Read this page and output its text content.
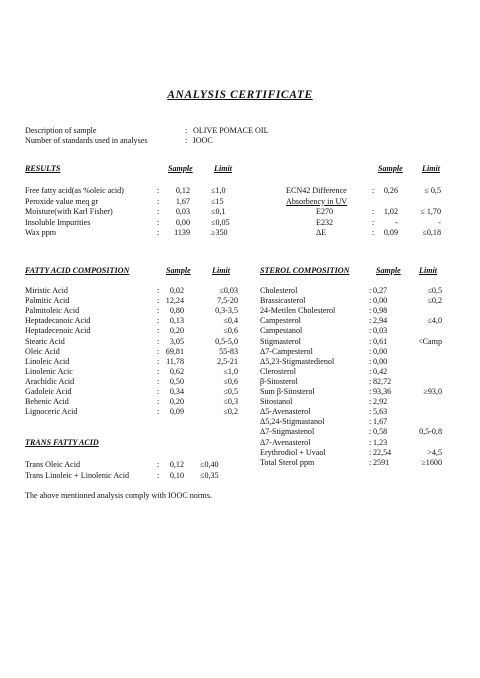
ANALYSIS CERTIFICATE
Description of sample	: OLIVE POMACE OIL
Number of standards used in analyses	: IOOC
RESULTS	Sample	Limit
Free fatty acid(as %oleic acid)	:	0,12	≤1,0
Peroxide value meq gr	:	1,67	≤15
Moisture(with Karl Fisher)	:	0,03	≤0,1
Insoluble Impurities	:	0,00	≤0,05
Wax ppm	:	1139	≥350
Sample Limit
ECN42 Difference	:	0,26	≤ 0,5
Absorbency in UV
E270	:	1,02	≤ 1,70
E232	:	-	-
ΔE	:	0,09	≤0,18
FATTY ACID COMPOSITION	Sample	Limit
Miristic Acid	:	0,02	≤0,03
Palmitic Acid	: 12,24	7,5-20
Palmitoleic Acid	:	0,80	0,3-3,5
Heptadecanoic Acid	:	0,13	≤0,4
Heptadecenoic Acid	:	0,20	≤0,6
Stearic Acid	:	3,05	0,5-5,0
Oleic Acid	: 69,81	55-83
Linoleic Acid	: 11,78	2,5-21
Linolenic Acic	:	0,62	≤1,0
Arachidic Acid	:	0,50	≤0,6
Gadoleic Acid	:	0,34	≤0,5
Behenic Acid	:	0,20	≤0,3
Lignoceric Acid	:	0,09	≤0,2
STEROL COMPOSITION	Sample Limit
Cholesterol	: 0,27	≤0,5
Brassicasterol	: 0,00	≤0,2
24-Metilen Cholesterol	: 0,98
Campesterol	: 2,94	≤4,0
Campestanol	: 0,03
Stigmasterol	: 0,61	<Camp
Δ7-Campesterol	: 0,00
Δ5,23-Stigmastedienol	: 0,00
Clerosterol	: 0,42
β-Sitosterol	: 82,72
Sum β-Sitosterol	: 93,36	≥93,0
Sitostanol	: 2,92
Δ5-Avenasterol	: 5,63
Δ5,24-Stigmastanol	: 1,67
Δ7-Stigmastenol	: 0,58	0,5-0,8
Δ7-Avenasterol	: 1,23
Erythrodiol + Uvaol	: 22,54	>4,5
Total Sterol ppm	: 2591	≥1600
TRANS FATTY ACID
Trans Oleic Acid	:	0,12 ≤0,40
Trans Linoleic + Linolenic Acid	:	0,10 ≤0,35
The above mentioned analysis comply with IOOC norms.
